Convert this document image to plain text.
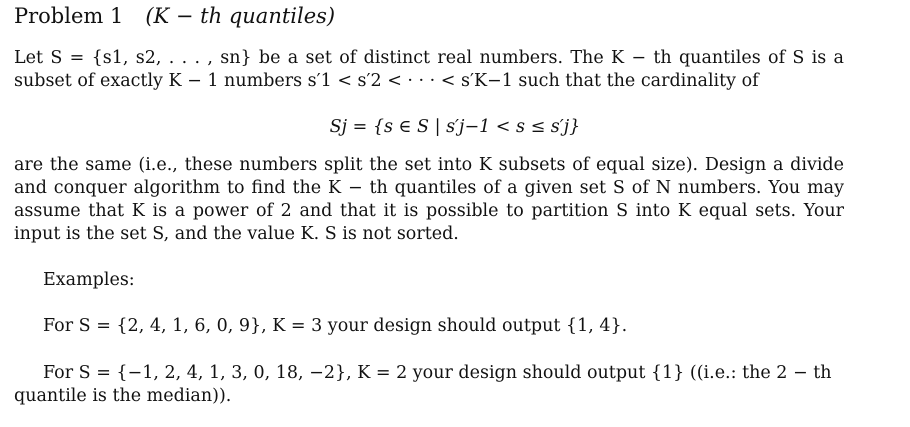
Problem 1 (K − th quantiles)
Let S = {s1, s2, . . . , sn} be a set of distinct real numbers. The K − th quantiles of S is a subset of exactly K − 1 numbers s′1 < s′2 < · · · < s′K−1 such that the cardinality of
Sj = {s ∈ S | s′j−1 < s ≤ s′j}
are the same (i.e., these numbers split the set into K subsets of equal size). Design a divide and conquer algorithm to find the K − th quantiles of a given set S of N numbers. You may assume that K is a power of 2 and that it is possible to partition S into K equal sets. Your input is the set S, and the value K. S is not sorted.
Examples:
For S = {2, 4, 1, 6, 0, 9}, K = 3 your design should output {1, 4}.
For S = {−1, 2, 4, 1, 3, 0, 18, −2}, K = 2 your design should output {1} ((i.e.: the 2 − th quantile is the median)).
